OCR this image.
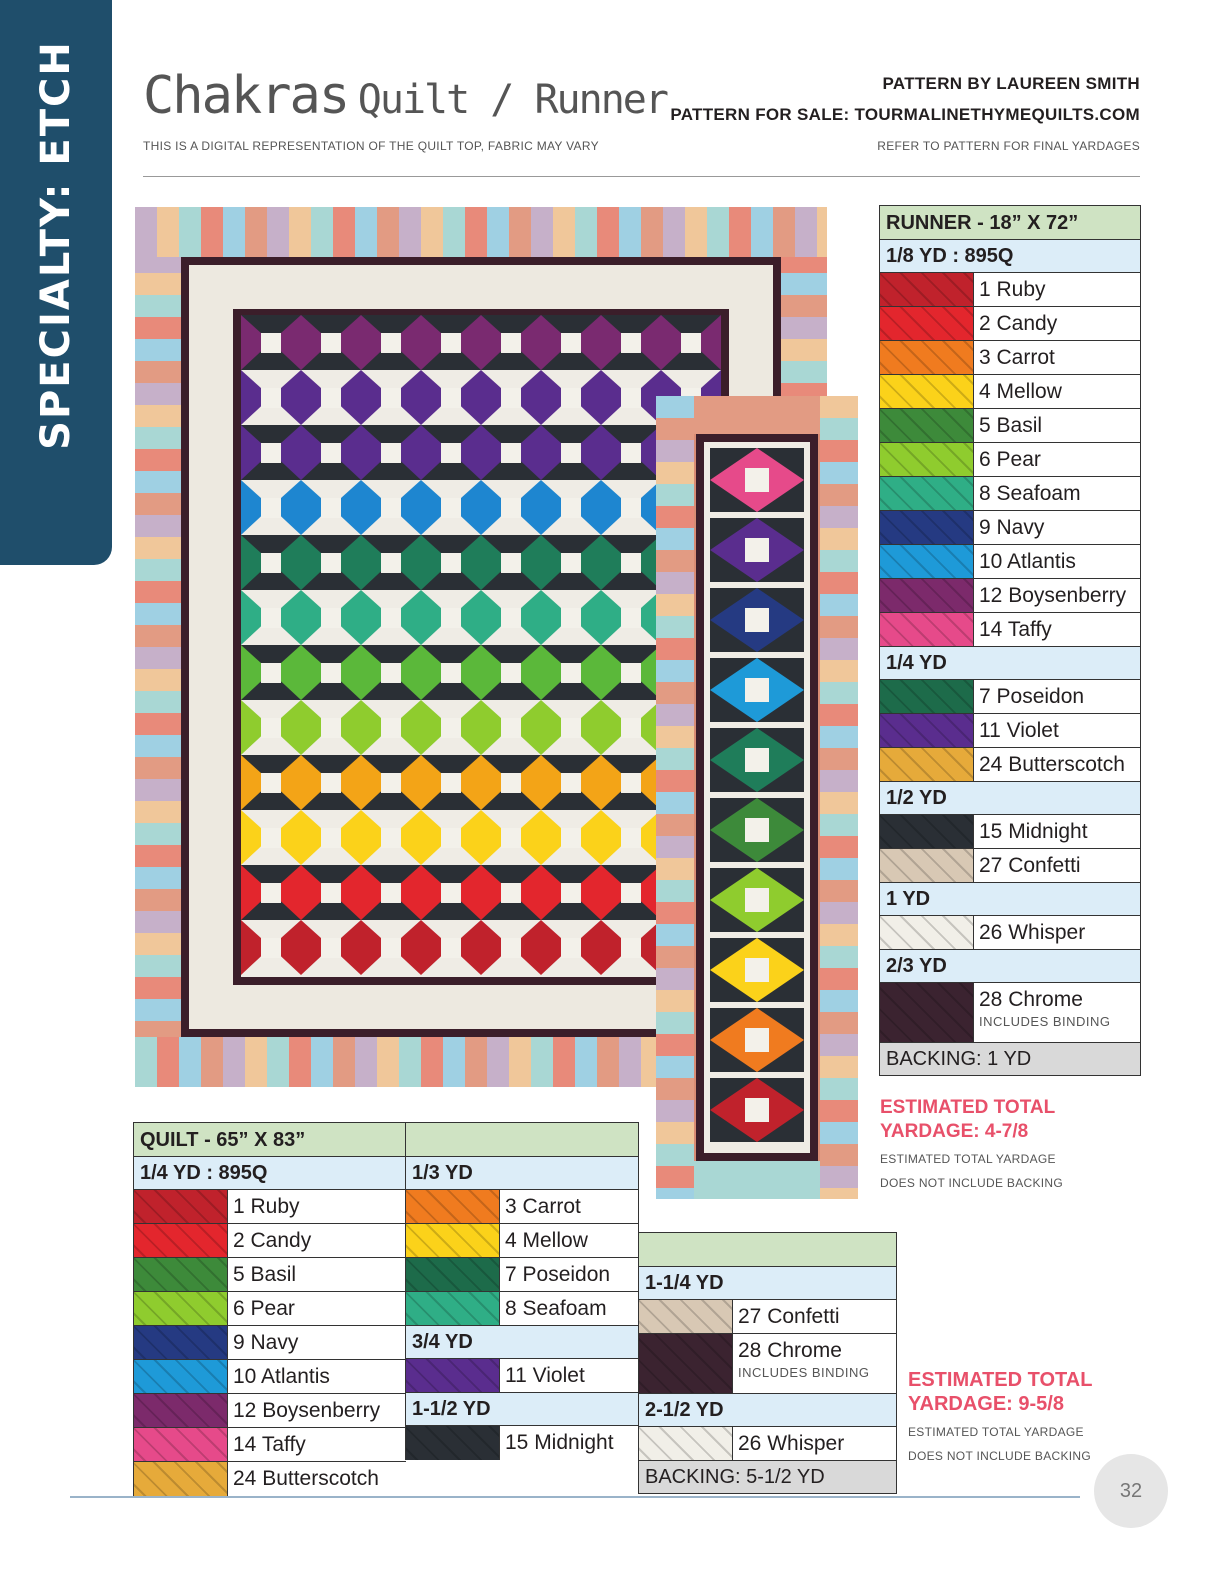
SPECIALTY: ETCH Chakras Quilt / Runner
THIS IS A DIGITAL REPRESENTATION OF THE QUILT TOP, FABRIC MAY VARY
PATTERN BY LAUREEN SMITH
PATTERN FOR SALE: TOURMALINETHYMEQUILTS.COM
REFER TO PATTERN FOR FINAL YARDAGES
RUNNER - 18” X 72”
1/8 YD : 895Q
1 Ruby
2 Candy
3 Carrot
4 Mellow
5 Basil
6 Pear
8 Seafoam
9 Navy
10 Atlantis
12 Boysenberry
14 Taffy
1/4 YD
7 Poseidon
11 Violet
24 Butterscotch
1/2 YD
15 Midnight
27 Confetti
1 YD
26 Whisper
2/3 YD
28 Chrome
INCLUDES BINDING
BACKING: 1 YD
ESTIMATED TOTAL
YARDAGE: 4-7/8
ESTIMATED TOTAL YARDAGE
DOES NOT INCLUDE BACKING
QUILT - 65” X 83”
1/4 YD : 895Q
1 Ruby
2 Candy
5 Basil
6 Pear
9 Navy
10 Atlantis
12 Boysenberry
14 Taffy
24 Butterscotch
1/3 YD
3 Carrot
4 Mellow
7 Poseidon
8 Seafoam
3/4 YD
11 Violet
1-1/2 YD
15 Midnight
1-1/4 YD
27 Confetti
28 Chrome
INCLUDES BINDING
2-1/2 YD
26 Whisper
BACKING: 5-1/2 YD
ESTIMATED TOTAL
YARDAGE: 9-5/8
ESTIMATED TOTAL YARDAGE
DOES NOT INCLUDE BACKING
32
